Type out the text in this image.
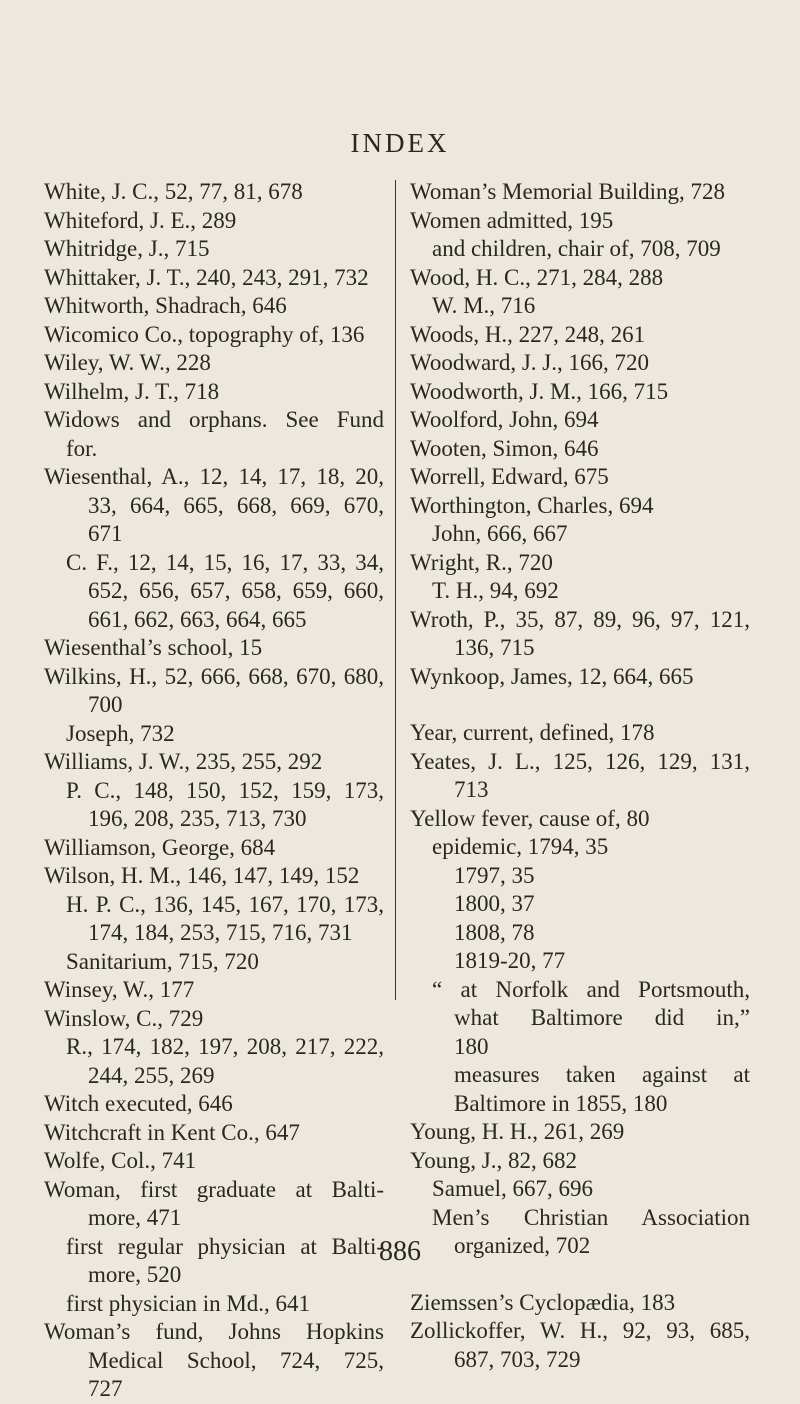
INDEX
White, J. C., 52, 77, 81, 678
Whiteford, J. E., 289
Whitridge, J., 715
Whittaker, J. T., 240, 243, 291, 732
Whitworth, Shadrach, 646
Wicomico Co., topography of, 136
Wiley, W. W., 228
Wilhelm, J. T., 718
Widows and orphans. See Fund
for.
Wiesenthal, A., 12, 14, 17, 18, 20,
33, 664, 665, 668, 669, 670,
671
C. F., 12, 14, 15, 16, 17, 33, 34,
652, 656, 657, 658, 659, 660,
661, 662, 663, 664, 665
Wiesenthal’s school, 15
Wilkins, H., 52, 666, 668, 670, 680,
700
Joseph, 732
Williams, J. W., 235, 255, 292
P. C., 148, 150, 152, 159, 173,
196, 208, 235, 713, 730
Williamson, George, 684
Wilson, H. M., 146, 147, 149, 152
H. P. C., 136, 145, 167, 170, 173,
174, 184, 253, 715, 716, 731
Sanitarium, 715, 720
Winsey, W., 177
Winslow, C., 729
R., 174, 182, 197, 208, 217, 222,
244, 255, 269
Witch executed, 646
Witchcraft in Kent Co., 647
Wolfe, Col., 741
Woman, first graduate at Balti-
more, 471
first regular physician at Balti-
more, 520
first physician in Md., 641
Woman’s fund, Johns Hopkins
Medical School, 724, 725,
727
Woman’s Memorial Building, 728
Women admitted, 195
and children, chair of, 708, 709
Wood, H. C., 271, 284, 288
W. M., 716
Woods, H., 227, 248, 261
Woodward, J. J., 166, 720
Woodworth, J. M., 166, 715
Woolford, John, 694
Wooten, Simon, 646
Worrell, Edward, 675
Worthington, Charles, 694
John, 666, 667
Wright, R., 720
T. H., 94, 692
Wroth, P., 35, 87, 89, 96, 97, 121,
136, 715
Wynkoop, James, 12, 664, 665
Year, current, defined, 178
Yeates, J. L., 125, 126, 129, 131,
713
Yellow fever, cause of, 80
epidemic, 1794, 35
1797, 35
1800, 37
1808, 78
1819-20, 77
“ at Norfolk and Portsmouth,
what Baltimore did in,”
180
measures taken against at
Baltimore in 1855, 180
Young, H. H., 261, 269
Young, J., 82, 682
Samuel, 667, 696
Men’s Christian Association
organized, 702
Ziemssen’s Cyclopædia, 183
Zollickoffer, W. H., 92, 93, 685,
687, 703, 729
886
